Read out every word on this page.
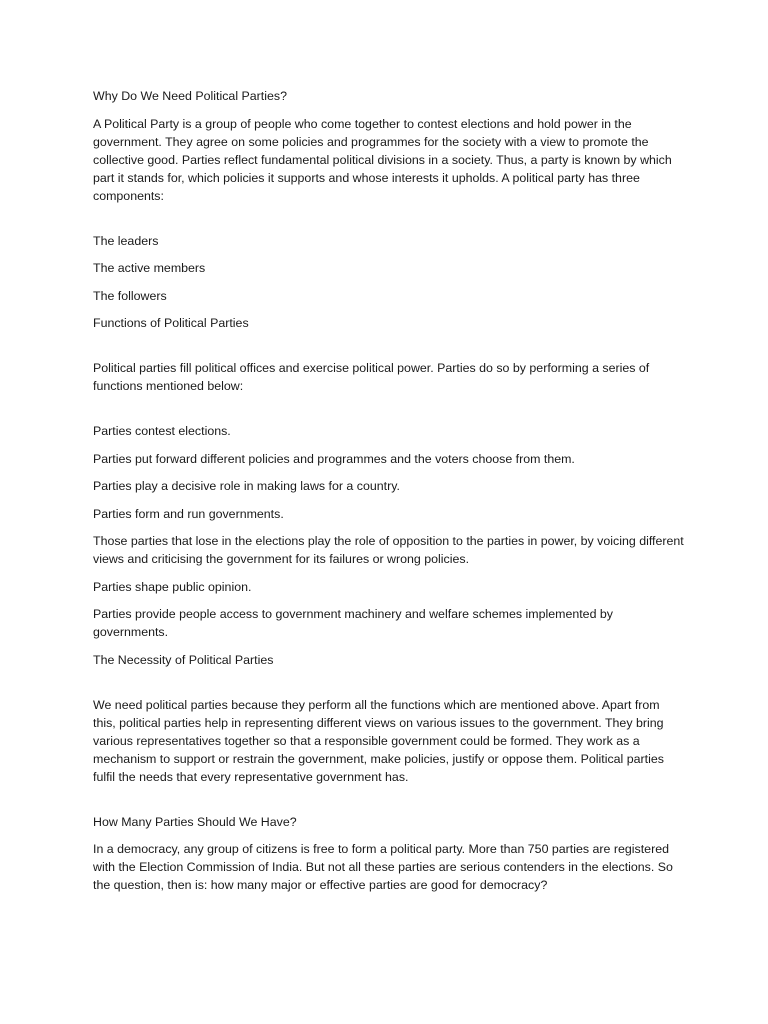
Why Do We Need Political Parties?

A Political Party is a group of people who come together to contest elections and hold power in the government. They agree on some policies and programmes for the society with a view to promote the collective good. Parties reflect fundamental political divisions in a society. Thus, a party is known by which part it stands for, which policies it supports and whose interests it upholds. A political party has three components:

The leaders

The active members

The followers

Functions of Political Parties

Political parties fill political offices and exercise political power. Parties do so by performing a series of functions mentioned below:

Parties contest elections.

Parties put forward different policies and programmes and the voters choose from them.

Parties play a decisive role in making laws for a country.

Parties form and run governments.

Those parties that lose in the elections play the role of opposition to the parties in power, by voicing different views and criticising the government for its failures or wrong policies.

Parties shape public opinion.

Parties provide people access to government machinery and welfare schemes implemented by governments.

The Necessity of Political Parties

We need political parties because they perform all the functions which are mentioned above. Apart from this, political parties help in representing different views on various issues to the government. They bring various representatives together so that a responsible government could be formed. They work as a mechanism to support or restrain the government, make policies, justify or oppose them. Political parties fulfil the needs that every representative government has.

How Many Parties Should We Have?

In a democracy, any group of citizens is free to form a political party. More than 750 parties are registered with the Election Commission of India. But not all these parties are serious contenders in the elections. So the question, then is: how many major or effective parties are good for democracy?
